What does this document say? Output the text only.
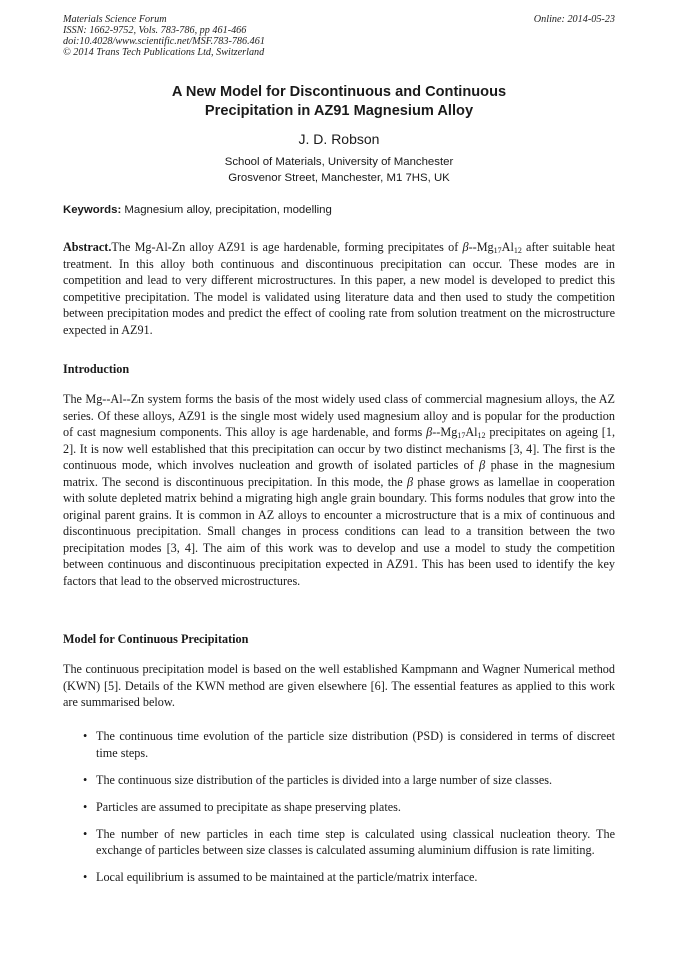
Materials Science Forum
ISSN: 1662-9752, Vols. 783-786, pp 461-466
doi:10.4028/www.scientific.net/MSF.783-786.461
© 2014 Trans Tech Publications Ltd, Switzerland
Online: 2014-05-23
A New Model for Discontinuous and Continuous
Precipitation in AZ91 Magnesium Alloy
J. D. Robson
School of Materials, University of Manchester
Grosvenor Street, Manchester, M1 7HS, UK
Keywords: Magnesium alloy, precipitation, modelling
Abstract.The Mg-Al-Zn alloy AZ91 is age hardenable, forming precipitates of $\beta--Mg_{17}Al_{12}$ after suitable heat treatment. In this alloy both continuous and discontinuous precipitation can occur. These modes are in competition and lead to very different microstructures. In this paper, a new model is developed to predict this competitive precipitation. The model is validated using literature data and then used to study the competition between precipitation modes and predict the effect of cooling rate from solution treatment on the microstructure expected in AZ91.
Introduction
The Mg--Al--Zn system forms the basis of the most widely used class of commercial magnesium alloys, the AZ series. Of these alloys, AZ91 is the single most widely used magnesium alloy and is popular for the production of cast magnesium components. This alloy is age hardenable, and forms $\beta--Mg_{17}Al_{12}$ precipitates on ageing [1, 2]. It is now well established that this precipitation can occur by two distinct mechanisms [3, 4]. The first is the continuous mode, which involves nucleation and growth of isolated particles of β phase in the magnesium matrix. The second is discontinuous precipitation. In this mode, the β phase grows as lamellae in cooperation with solute depleted matrix behind a migrating high angle grain boundary. This forms nodules that grow into the original parent grains. It is common in AZ alloys to encounter a microstructure that is a mix of continuous and discontinuous precipitation. Small changes in process conditions can lead to a transition between the two precipitation modes [3, 4]. The aim of this work was to develop and use a model to study the competition between continuous and discontinuous precipitation expected in AZ91. This has been used to identify the key factors that lead to the observed microstructures.
Model for Continuous Precipitation
The continuous precipitation model is based on the well established Kampmann and Wagner Numerical method (KWN) [5]. Details of the KWN method are given elsewhere [6]. The essential features as applied to this work are summarised below.
• The continuous time evolution of the particle size distribution (PSD) is considered in terms of discreet time steps.
• The continuous size distribution of the particles is divided into a large number of size classes.
• Particles are assumed to precipitate as shape preserving plates.
• The number of new particles in each time step is calculated using classical nucleation theory. The exchange of particles between size classes is calculated assuming aluminium diffusion is rate limiting.
• Local equilibrium is assumed to be maintained at the particle/matrix interface.
